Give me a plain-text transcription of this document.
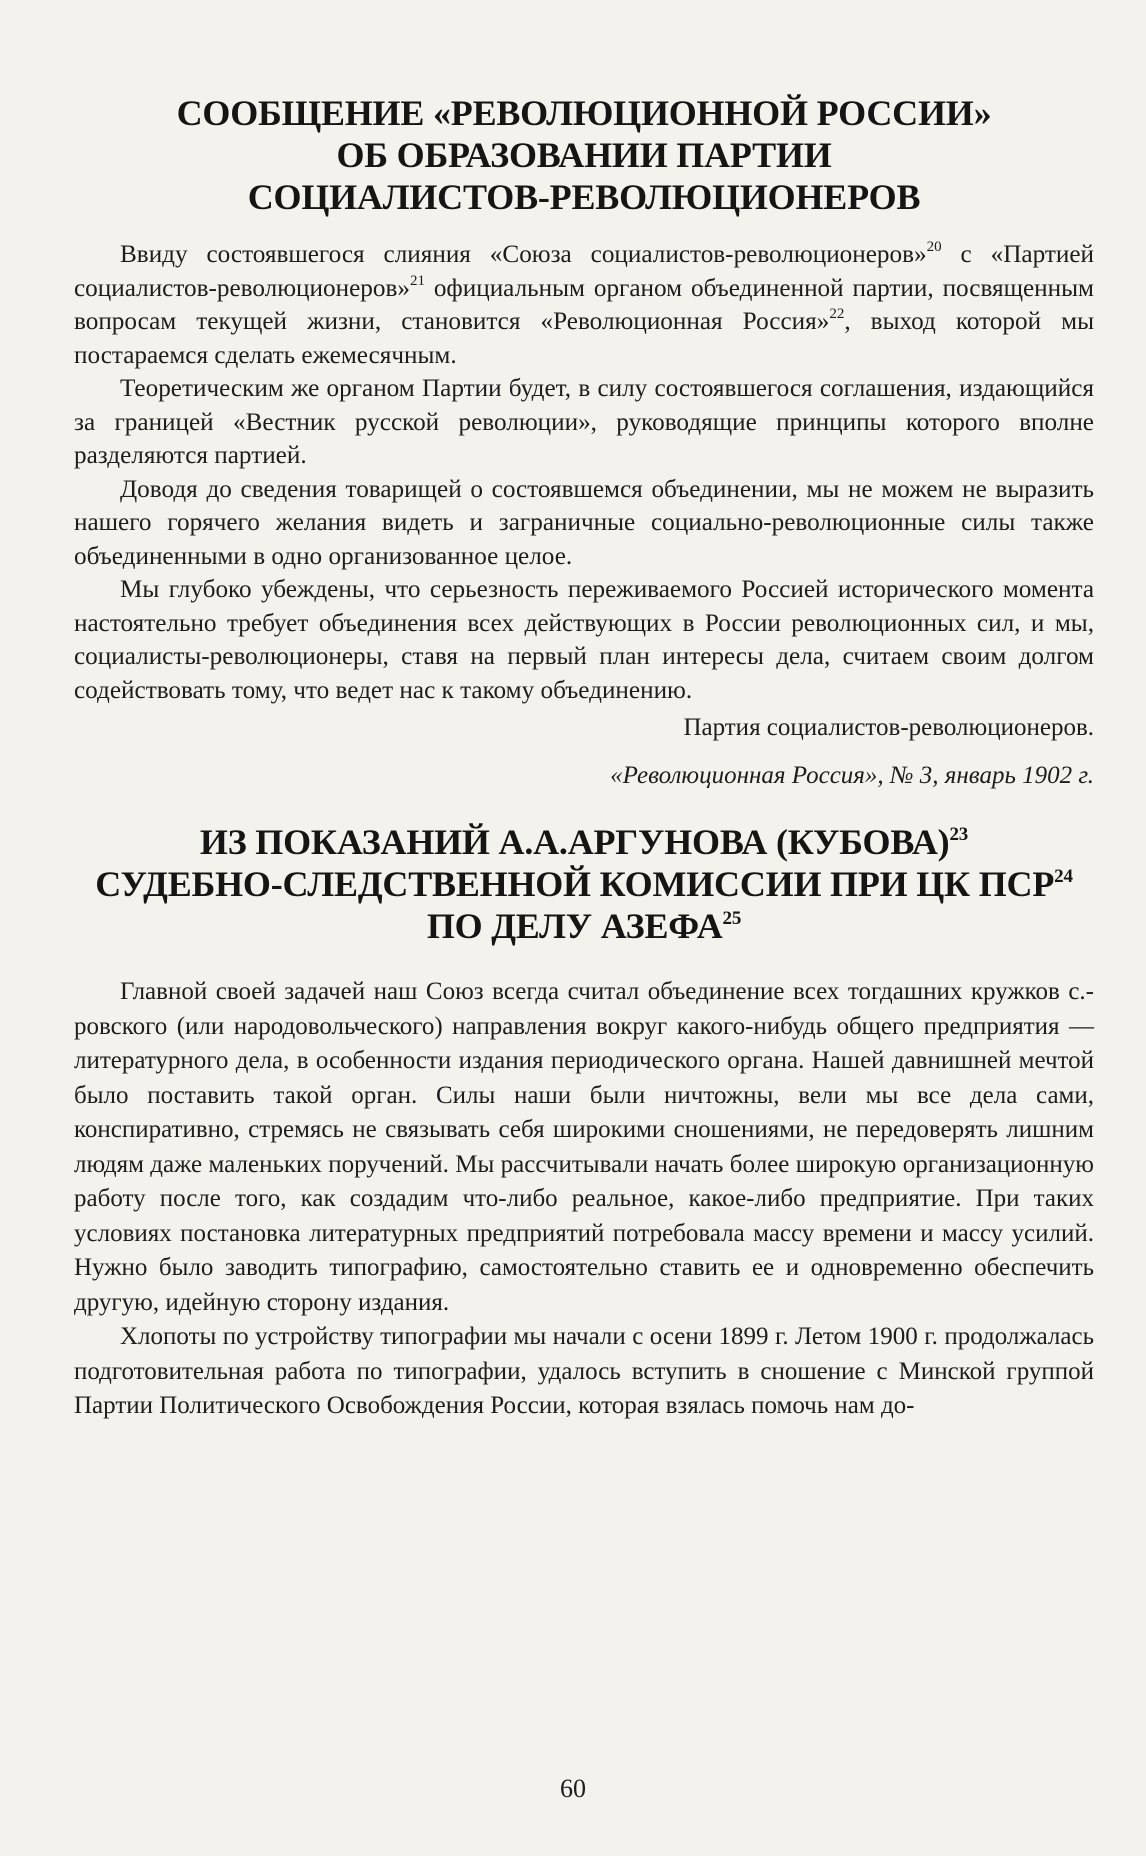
СООБЩЕНИЕ «РЕВОЛЮЦИОННОЙ РОССИИ»
ОБ ОБРАЗОВАНИИ ПАРТИИ
СОЦИАЛИСТОВ-РЕВОЛЮЦИОНЕРОВ

Ввиду состоявшегося слияния «Союза социалистов-революционеров»$^{20}$ с «Партией социалистов-революционеров»$^{21}$ официальным органом объединенной партии, посвященным вопросам текущей жизни, становится «Революционная Россия»$^{22}$, выход которой мы постараемся сделать ежемесячным.

Теоретическим же органом Партии будет, в силу состоявшегося соглашения, издающийся за границей «Вестник русской революции», руководящие принципы которого вполне разделяются партией.

Доводя до сведения товарищей о состоявшемся объединении, мы не можем не выразить нашего горячего желания видеть и заграничные социально-революционные силы также объединенными в одно организованное целое.

Мы глубоко убеждены, что серьезность переживаемого Россией исторического момента настоятельно требует объединения всех действующих в России революционных сил, и мы, социалисты-революционеры, ставя на первый план интересы дела, считаем своим долгом содействовать тому, что ведет нас к такому объединению.

Партия социалистов-революционеров.
«Революционная Россия», № 3, январь 1902 г.
ИЗ ПОКАЗАНИЙ А.А.АРГУНОВА (КУБОВА)$^{23}$
СУДЕБНО-СЛЕДСТВЕННОЙ КОМИССИИ ПРИ ЦК ПСР$^{24}$
ПО ДЕЛУ АЗЕФА$^{25}$

Главной своей задачей наш Союз всегда считал объединение всех тогдашних кружков с.-ровского (или народовольческого) направления вокруг какого-нибудь общего предприятия — литературного дела, в особенности издания периодического органа. Нашей давнишней мечтой было поставить такой орган. Силы наши были ничтожны, вели мы все дела сами, конспиративно, стремясь не связывать себя широкими сношениями, не передоверять лишним людям даже маленьких поручений. Мы рассчитывали начать более широкую организационную работу после того, как создадим что-либо реальное, какое-либо предприятие. При таких условиях постановка литературных предприятий потребовала массу времени и массу усилий. Нужно было заводить типографию, самостоятельно ставить ее и одновременно обеспечить другую, идейную сторону издания.

Хлопоты по устройству типографии мы начали с осени 1899 г. Летом 1900 г. продолжалась подготовительная работа по типографии, удалось вступить в сношение с Минской группой Партии Политического Освобождения России, которая взялась помочь нам до-

60
